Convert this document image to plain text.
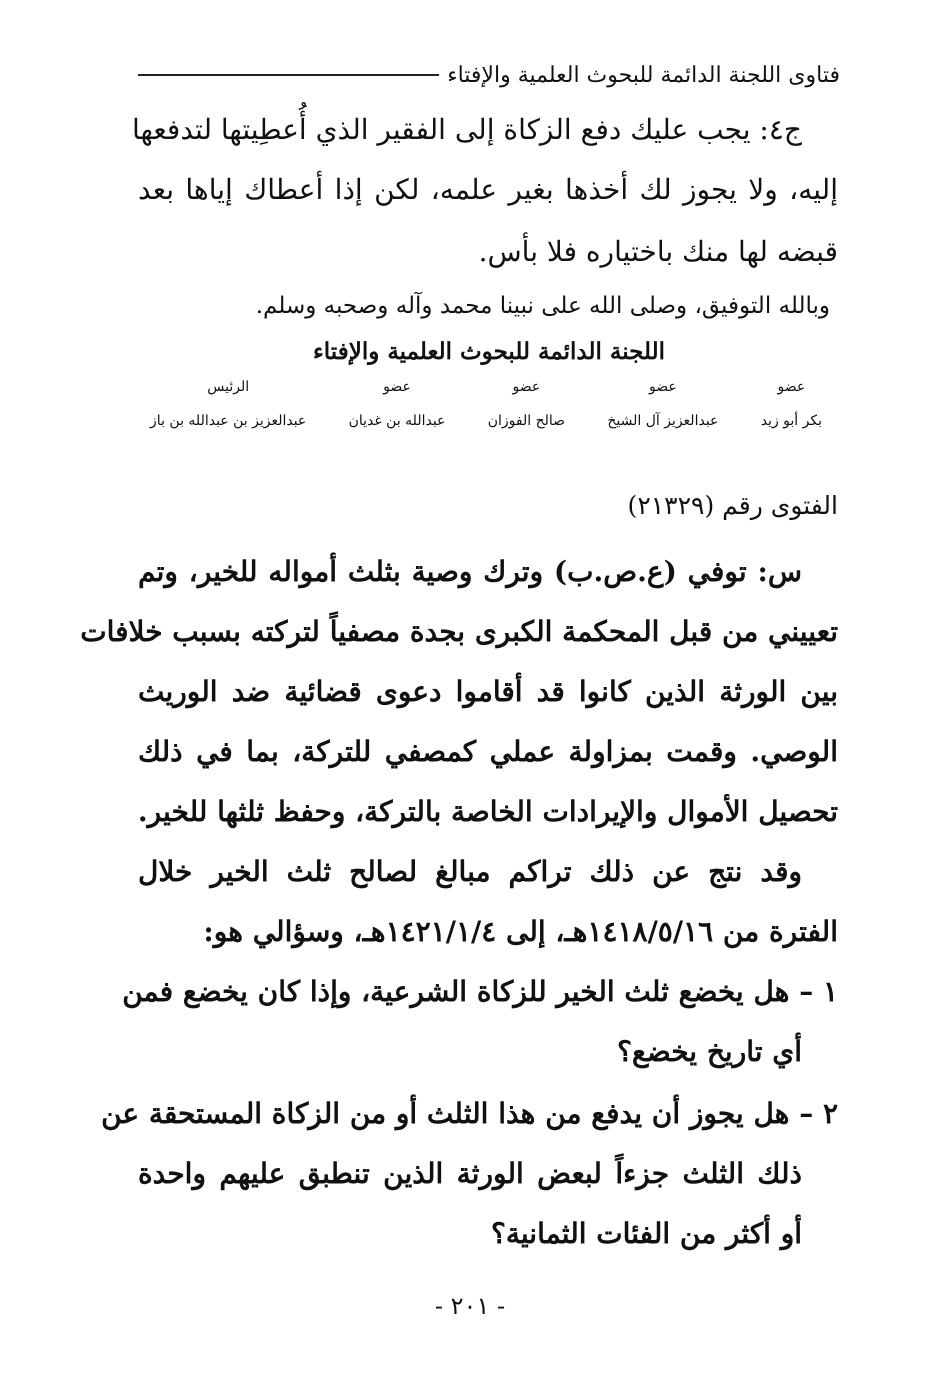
فتاوى اللجنة الدائمة للبحوث العلمية والإفتاء
ج٤: يجب عليك دفع الزكاة إلى الفقير الذي أُعطِيتها لتدفعها
إليه، ولا يجوز لك أخذها بغير علمه، لكن إذا أعطاك إياها بعد
قبضه لها منك باختياره فلا بأس.
وبالله التوفيق، وصلى الله على نبينا محمد وآله وصحبه وسلم.
اللجنة الدائمة للبحوث العلمية والإفتاء
عضو
بكر أبو زيد
عضو
عبدالعزيز آل الشيخ
عضو
صالح الفوزان
عضو
عبدالله بن غديان
الرئيس
عبدالعزيز بن عبدالله بن باز
الفتوى رقم (٢١٣٢٩)
س: توفي (ع.ص.ب) وترك وصية بثلث أمواله للخير، وتم
تعييني من قبل المحكمة الكبرى بجدة مصفياً لتركته بسبب خلافات
بين الورثة الذين كانوا قد أقاموا دعوى قضائية ضد الوريث
الوصي. وقمت بمزاولة عملي كمصفي للتركة، بما في ذلك
تحصيل الأموال والإيرادات الخاصة بالتركة، وحفظ ثلثها للخير.
وقد نتج عن ذلك تراكم مبالغ لصالح ثلث الخير خلال
الفترة من ١٤١٨/٥/١٦هـ، إلى ١٤٢١/١/٤هـ، وسؤالي هو:
١ – هل يخضع ثلث الخير للزكاة الشرعية، وإذا كان يخضع فمن
أي تاريخ يخضع؟
٢ – هل يجوز أن يدفع من هذا الثلث أو من الزكاة المستحقة عن
ذلك الثلث جزءاً لبعض الورثة الذين تنطبق عليهم واحدة
أو أكثر من الفئات الثمانية؟
- ٢٠١ -
